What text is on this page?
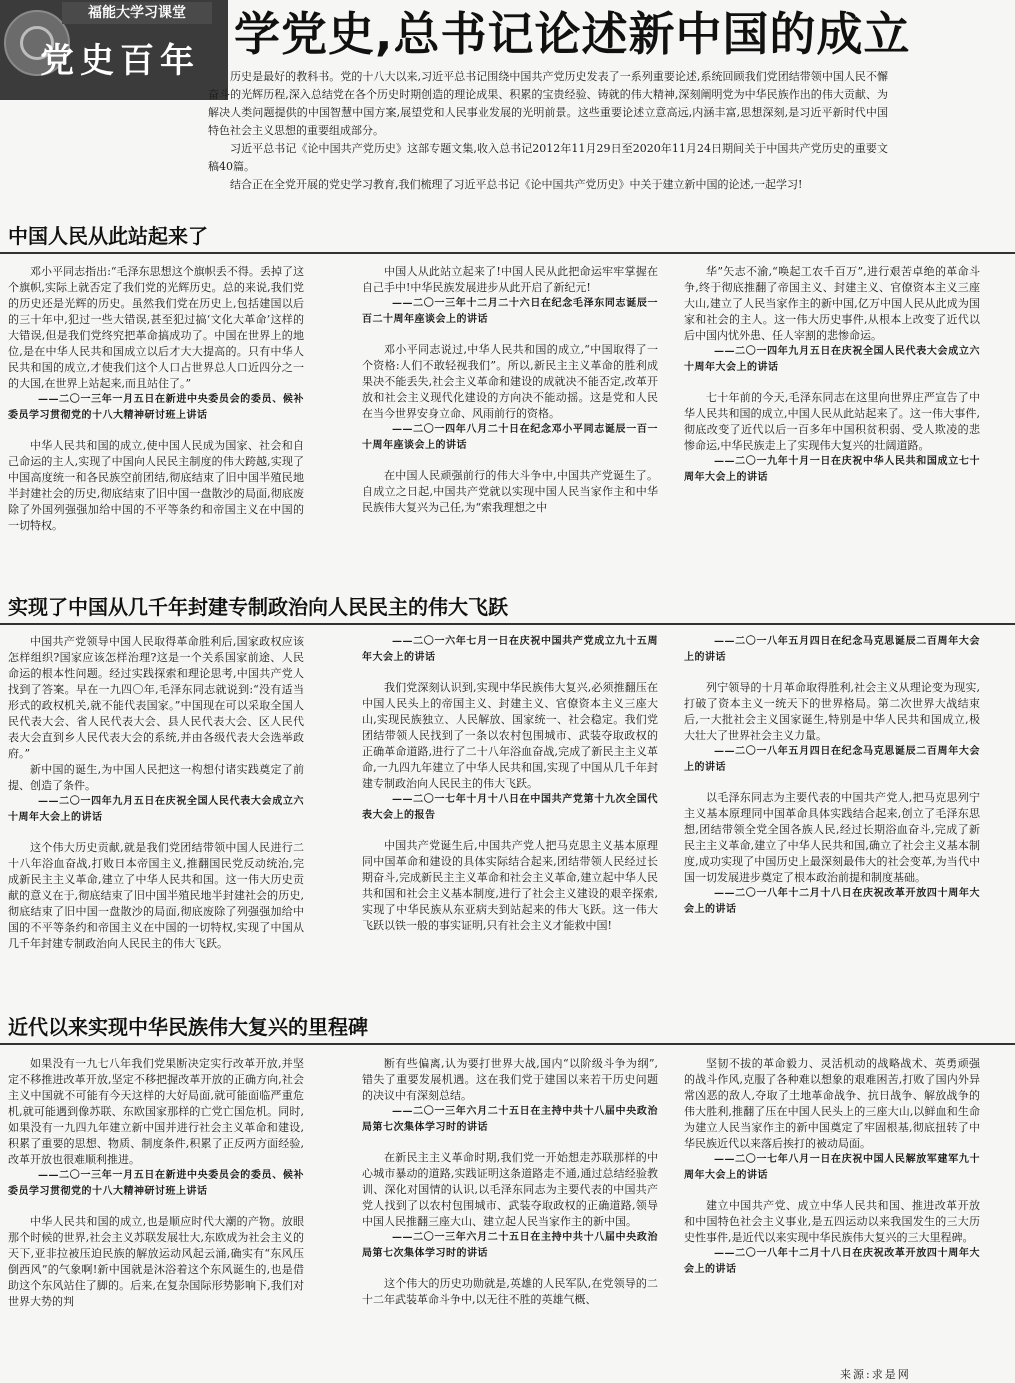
福能大学习课堂
党史百年 学党史,总书记论述新中国的成立

历史是最好的教科书。党的十八大以来,习近平总书记围绕中国共产党历史发表了一系列重要论述,系统回顾我们党团结带领中国人民不懈奋斗的光辉历程,深入总结党在各个历史时期创造的理论成果、积累的宝贵经验、铸就的伟大精神,深刻阐明党为中华民族作出的伟大贡献、为解决人类问题提供的中国智慧中国方案,展望党和人民事业发展的光明前景。这些重要论述立意高远,内涵丰富,思想深刻,是习近平新时代中国特色社会主义思想的重要组成部分。

习近平总书记《论中国共产党历史》这部专题文集,收入总书记2012年11月29日至2020年11月24日期间关于中国共产党历史的重要文稿40篇。

结合正在全党开展的党史学习教育,我们梳理了习近平总书记《论中国共产党历史》中关于建立新中国的论述,一起学习!

中国人民从此站起来了

邓小平同志指出:“毛泽东思想这个旗帜丢不得。丢掉了这个旗帜,实际上就否定了我们党的光辉历史。总的来说,我们党的历史还是光辉的历史。虽然我们党在历史上,包括建国以后的三十年中,犯过一些大错误,甚至犯过搞‘文化大革命’这样的大错误,但是我们党终究把革命搞成功了。中国在世界上的地位,是在中华人民共和国成立以后才大大提高的。只有中华人民共和国的成立,才使我们这个人口占世界总人口近四分之一的大国,在世界上站起来,而且站住了。”

——二〇一三年一月五日在新进中央委员会的委员、候补委员学习贯彻党的十八大精神研讨班上讲话

中华人民共和国的成立,使中国人民成为国家、社会和自己命运的主人,实现了中国向人民民主制度的伟大跨越,实现了中国高度统一和各民族空前团结,彻底结束了旧中国半殖民地半封建社会的历史,彻底结束了旧中国一盘散沙的局面,彻底废除了外国列强强加给中国的不平等条约和帝国主义在中国的一切特权。

中国人从此站立起来了!中国人民从此把命运牢牢掌握在自己手中!中华民族发展进步从此开启了新纪元!

——二〇一三年十二月二十六日在纪念毛泽东同志诞辰一百二十周年座谈会上的讲话

邓小平同志说过,中华人民共和国的成立,“中国取得了一个资格:人们不敢轻视我们”。所以,新民主主义革命的胜利成果决不能丢失,社会主义革命和建设的成就决不能否定,改革开放和社会主义现代化建设的方向决不能动摇。这是党和人民在当今世界安身立命、风雨前行的资格。

——二〇一四年八月二十日在纪念邓小平同志诞辰一百一十周年座谈会上的讲话

在中国人民顽强前行的伟大斗争中,中国共产党诞生了。自成立之日起,中国共产党就以实现中国人民当家作主和中华民族伟大复兴为己任,为“索我理想之中

华”矢志不渝,“唤起工农千百万”,进行艰苦卓绝的革命斗争,终于彻底推翻了帝国主义、封建主义、官僚资本主义三座大山,建立了人民当家作主的新中国,亿万中国人民从此成为国家和社会的主人。这一伟大历史事件,从根本上改变了近代以后中国内忧外患、任人宰割的悲惨命运。

——二〇一四年九月五日在庆祝全国人民代表大会成立六十周年大会上的讲话

七十年前的今天,毛泽东同志在这里向世界庄严宣告了中华人民共和国的成立,中国人民从此站起来了。这一伟大事件,彻底改变了近代以后一百多年中国积贫积弱、受人欺凌的悲惨命运,中华民族走上了实现伟大复兴的壮阔道路。

——二〇一九年十月一日在庆祝中华人民共和国成立七十周年大会上的讲话

实现了中国从几千年封建专制政治向人民民主的伟大飞跃

中国共产党领导中国人民取得革命胜利后,国家政权应该怎样组织?国家应该怎样治理?这是一个关系国家前途、人民命运的根本性问题。经过实践探索和理论思考,中国共产党人找到了答案。早在一九四〇年,毛泽东同志就说到:“没有适当形式的政权机关,就不能代表国家。”中国现在可以采取全国人民代表大会、省人民代表大会、县人民代表大会、区人民代表大会直到乡人民代表大会的系统,并由各级代表大会选举政府。”

新中国的诞生,为中国人民把这一构想付诸实践奠定了前提、创造了条件。

——二〇一四年九月五日在庆祝全国人民代表大会成立六十周年大会上的讲话

这个伟大历史贡献,就是我们党团结带领中国人民进行二十八年浴血奋战,打败日本帝国主义,推翻国民党反动统治,完成新民主主义革命,建立了中华人民共和国。这一伟大历史贡献的意义在于,彻底结束了旧中国半殖民地半封建社会的历史,彻底结束了旧中国一盘散沙的局面,彻底废除了列强强加给中国的不平等条约和帝国主义在中国的一切特权,实现了中国从几千年封建专制政治向人民民主的伟大飞跃。

——二〇一六年七月一日在庆祝中国共产党成立九十五周年大会上的讲话

我们党深刻认识到,实现中华民族伟大复兴,必须推翻压在中国人民头上的帝国主义、封建主义、官僚资本主义三座大山,实现民族独立、人民解放、国家统一、社会稳定。我们党团结带领人民找到了一条以农村包围城市、武装夺取政权的正确革命道路,进行了二十八年浴血奋战,完成了新民主主义革命,一九四九年建立了中华人民共和国,实现了中国从几千年封建专制政治向人民民主的伟大飞跃。

——二〇一七年十月十八日在中国共产党第十九次全国代表大会上的报告

中国共产党诞生后,中国共产党人把马克思主义基本原理同中国革命和建设的具体实际结合起来,团结带领人民经过长期奋斗,完成新民主主义革命和社会主义革命,建立起中华人民共和国和社会主义基本制度,进行了社会主义建设的艰辛探索,实现了中华民族从东亚病夫到站起来的伟大飞跃。这一伟大飞跃以铁一般的事实证明,只有社会主义才能救中国!

——二〇一八年五月四日在纪念马克思诞辰二百周年大会上的讲话

列宁领导的十月革命取得胜利,社会主义从理论变为现实,打破了资本主义一统天下的世界格局。第二次世界大战结束后,一大批社会主义国家诞生,特别是中华人民共和国成立,极大壮大了世界社会主义力量。

——二〇一八年五月四日在纪念马克思诞辰二百周年大会上的讲话

以毛泽东同志为主要代表的中国共产党人,把马克思列宁主义基本原理同中国革命具体实践结合起来,创立了毛泽东思想,团结带领全党全国各族人民,经过长期浴血奋斗,完成了新民主主义革命,建立了中华人民共和国,确立了社会主义基本制度,成功实现了中国历史上最深刻最伟大的社会变革,为当代中国一切发展进步奠定了根本政治前提和制度基础。

——二〇一八年十二月十八日在庆祝改革开放四十周年大会上的讲话

近代以来实现中华民族伟大复兴的里程碑

如果没有一九七八年我们党果断决定实行改革开放,并坚定不移推进改革开放,坚定不移把握改革开放的正确方向,社会主义中国就不可能有今天这样的大好局面,就可能面临严重危机,就可能遇到像苏联、东欧国家那样的亡党亡国危机。同时,如果没有一九四九年建立新中国并进行社会主义革命和建设,积累了重要的思想、物质、制度条件,积累了正反两方面经验,改革开放也很难顺利推进。

——二〇一三年一月五日在新进中央委员会的委员、候补委员学习贯彻党的十八大精神研讨班上讲话

中华人民共和国的成立,也是顺应时代大潮的产物。放眼那个时候的世界,社会主义苏联发展壮大,东欧成为社会主义的天下,亚非拉被压迫民族的解放运动风起云涌,确实有“东风压倒西风”的气象啊!新中国就是沐浴着这个东风诞生的,也是借助这个东风站住了脚的。后来,在复杂国际形势影响下,我们对世界大势的判

断有些偏离,认为要打世界大战,国内“以阶级斗争为纲”,错失了重要发展机遇。这在我们党于建国以来若干历史问题的决议中有深刻总结。

——二〇一三年六月二十五日在主持中共十八届中央政治局第七次集体学习时的讲话

在新民主主义革命时期,我们党一开始想走苏联那样的中心城市暴动的道路,实践证明这条道路走不通,通过总结经验教训、深化对国情的认识,以毛泽东同志为主要代表的中国共产党人找到了以农村包围城市、武装夺取政权的正确道路,领导中国人民推翻三座大山、建立起人民当家作主的新中国。

——二〇一三年六月二十五日在主持中共十八届中央政治局第七次集体学习时的讲话

这个伟大的历史功勋就是,英雄的人民军队,在党领导的二十二年武装革命斗争中,以无往不胜的英雄气概、

坚韧不拔的革命毅力、灵活机动的战略战术、英勇顽强的战斗作风,克服了各种难以想象的艰难困苦,打败了国内外异常凶恶的敌人,夺取了土地革命战争、抗日战争、解放战争的伟大胜利,推翻了压在中国人民头上的三座大山,以鲜血和生命为建立人民当家作主的新中国奠定了牢固根基,彻底扭转了中华民族近代以来落后挨打的被动局面。

——二〇一七年八月一日在庆祝中国人民解放军建军九十周年大会上的讲话

建立中国共产党、成立中华人民共和国、推进改革开放和中国特色社会主义事业,是五四运动以来我国发生的三大历史性事件,是近代以来实现中华民族伟大复兴的三大里程碑。

——二〇一八年十二月十八日在庆祝改革开放四十周年大会上的讲话

来源:求是网
